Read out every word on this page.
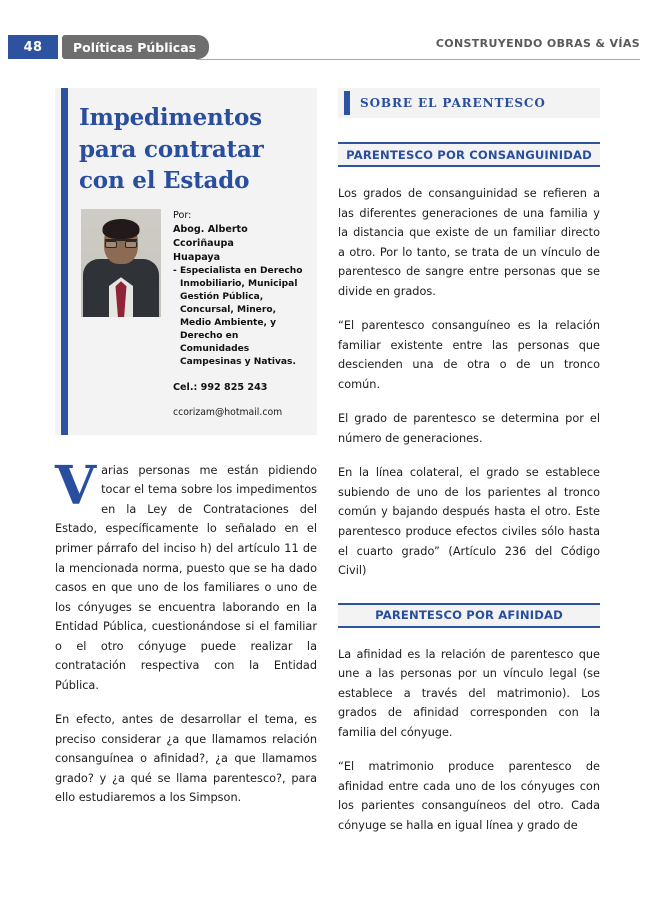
48	Políticas Públicas	CONSTRUYENDO OBRAS & VÍAS
Impedimentos
para contratar
con el Estado
Por:
Abog. Alberto
Ccoriñaupa
Huapaya
- Especialista en Derecho Inmobiliario, Municipal Gestión Pública, Concursal, Minero, Medio Ambiente, y Derecho en Comunidades Campesinas y Nativas.
Cel.: 992 825 243
ccorizam@hotmail.com

Varias personas me están pidiendo tocar el tema sobre los impedimentos en la Ley de Contrataciones del Estado, específicamente lo señalado en el primer párrafo del inciso h) del artículo 11 de la mencionada norma, puesto que se ha dado casos en que uno de los familiares o uno de los cónyuges se encuentra laborando en la Entidad Pública, cuestionándose si el familiar o el otro cónyuge puede realizar la contratación respectiva con la Entidad Pública.

En efecto, antes de desarrollar el tema, es preciso considerar ¿a que llamamos relación consanguínea o afinidad?, ¿a que llamamos grado? y ¿a qué se llama parentesco?, para ello estudiaremos a los Simpson.

SOBRE EL PARENTESCO
PARENTESCO POR CONSANGUINIDAD

Los grados de consanguinidad se refieren a las diferentes generaciones de una familia y la distancia que existe de un familiar directo a otro. Por lo tanto, se trata de un vínculo de parentesco de sangre entre personas que se divide en grados.

“El parentesco consanguíneo es la relación familiar existente entre las personas que descienden una de otra o de un tronco común.

El grado de parentesco se determina por el número de generaciones.

En la línea colateral, el grado se establece subiendo de uno de los parientes al tronco común y bajando después hasta el otro. Este parentesco produce efectos civiles sólo hasta el cuarto grado” (Artículo 236 del Código Civil)

PARENTESCO POR AFINIDAD

La afinidad es la relación de parentesco que une a las personas por un vínculo legal (se establece a través del matrimonio). Los grados de afinidad corresponden con la familia del cónyuge.

“El matrimonio produce parentesco de afinidad entre cada uno de los cónyuges con los parientes consanguíneos del otro. Cada cónyuge se halla en igual línea y grado de
